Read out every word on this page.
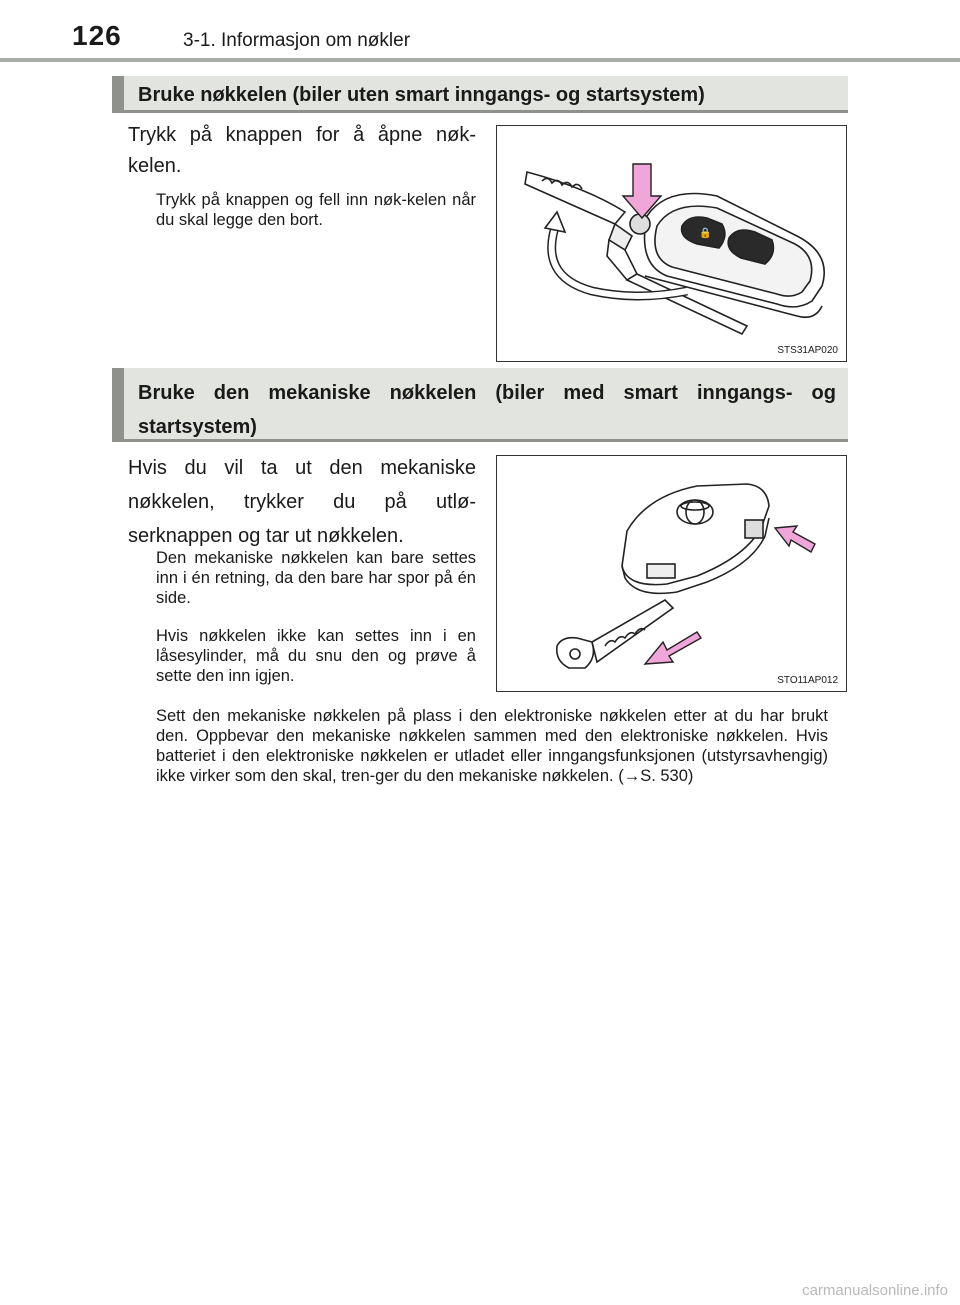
126	3-1. Informasjon om nøkler
Bruke nøkkelen (biler uten smart inngangs- og startsystem)
Trykk på knappen for å åpne nøk-kelen.
Trykk på knappen og fell inn nøk-kelen når du skal legge den bort.
🔒
STS31AP020
Bruke den mekaniske nøkkelen (biler med smart inngangs- og startsystem)
Hvis du vil ta ut den mekaniske nøkkelen, trykker du på utlø-serknappen og tar ut nøkkelen.
Den mekaniske nøkkelen kan bare settes inn i én retning, da den bare har spor på én side.
Hvis nøkkelen ikke kan settes inn i en låsesylinder, må du snu den og prøve å sette den inn igjen.	STO11AP012
Sett den mekaniske nøkkelen på plass i den elektroniske nøkkelen etter at du har brukt den. Oppbevar den mekaniske nøkkelen sammen med den elektroniske nøkkelen. Hvis batteriet i den elektroniske nøkkelen er utladet eller inngangsfunksjonen (utstyrsavhengig) ikke virker som den skal, tren-ger du den mekaniske nøkkelen. (→S. 530)
carmanualsonline.info
